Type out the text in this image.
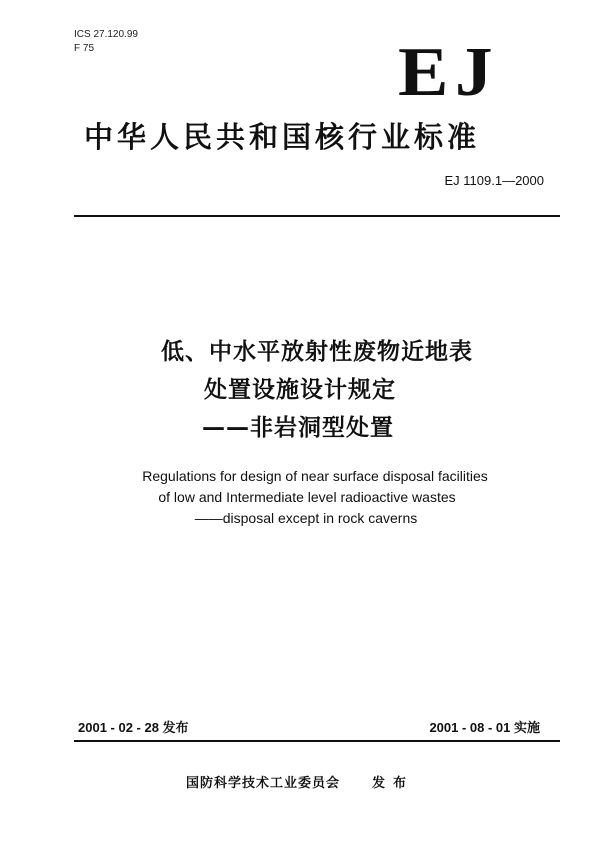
ICS 27.120.99
F 75	EJ
中华人民共和国核行业标准
EJ 1109.1—2000
低、中水平放射性废物近地表
处置设施设计规定
——非岩洞型处置
Regulations for design of near surface disposal facilities
of low and Intermediate level radioactive wastes
——disposal except in rock caverns
2001 - 02 - 28 发布	2001 - 08 - 01 实施
国防科学技术工业委员会 发布
